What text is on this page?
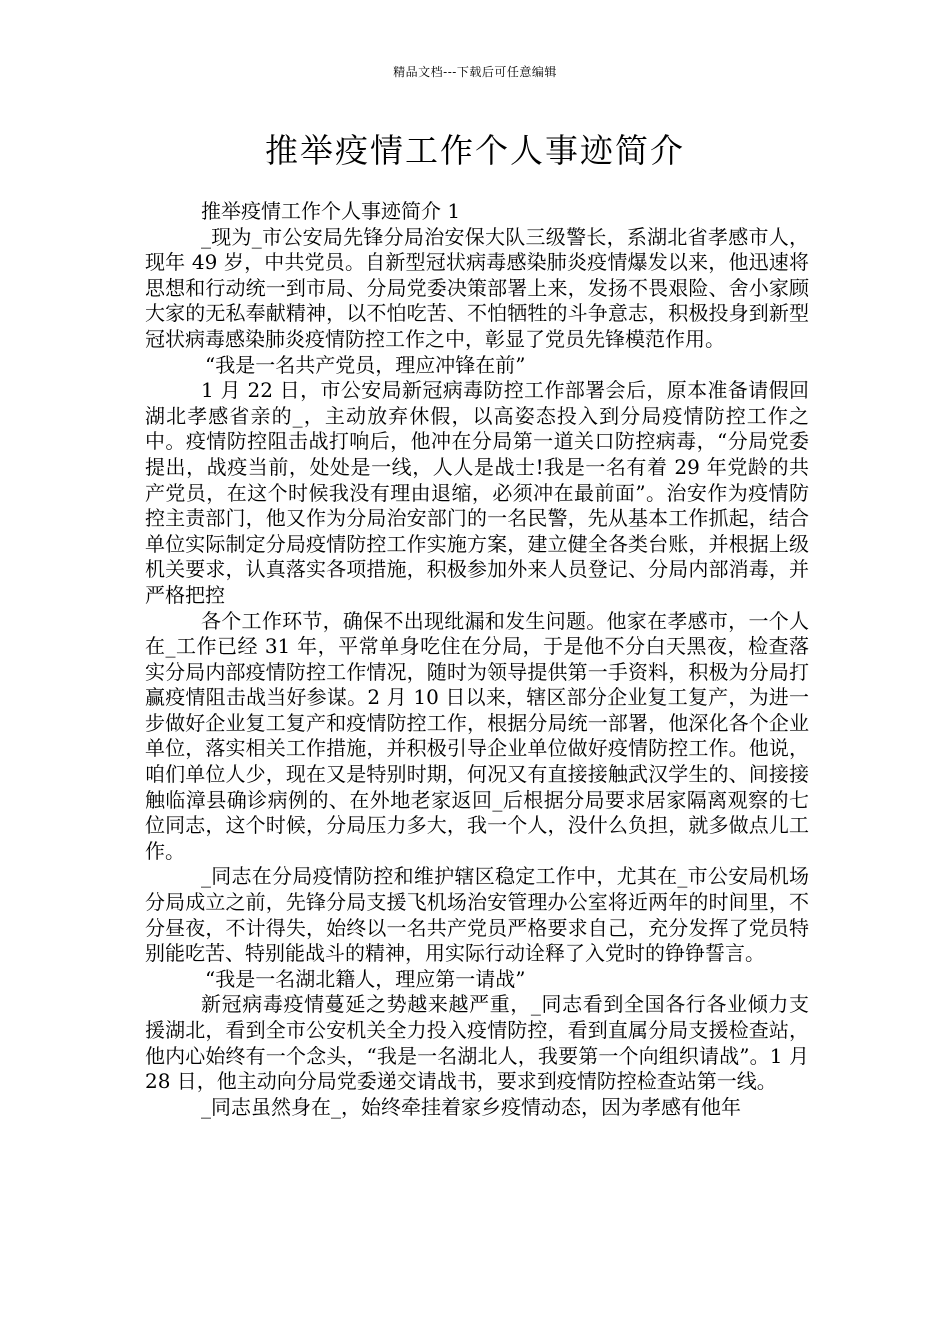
精品文档---下载后可任意编辑
推举疫情工作个人事迹简介

推举疫情工作个人事迹简介 1

_现为_市公安局先锋分局治安保大队三级警长，系湖北省孝感市人，现年 49 岁，中共党员。自新型冠状病毒感染肺炎疫情爆发以来，他迅速将思想和行动统一到市局、分局党委决策部署上来，发扬不畏艰险、舍小家顾大家的无私奉献精神，以不怕吃苦、不怕牺牲的斗争意志，积极投身到新型冠状病毒感染肺炎疫情防控工作之中，彰显了党员先锋模范作用。

“我是一名共产党员，理应冲锋在前”

1 月 22 日，市公安局新冠病毒防控工作部署会后，原本准备请假回湖北孝感省亲的_，主动放弃休假，以高姿态投入到分局疫情防控工作之中。疫情防控阻击战打响后，他冲在分局第一道关口防控病毒，“分局党委提出，战疫当前，处处是一线，人人是战士!我是一名有着 29 年党龄的共产党员，在这个时候我没有理由退缩，必须冲在最前面”。治安作为疫情防控主责部门，他又作为分局治安部门的一名民警，先从基本工作抓起，结合单位实际制定分局疫情防控工作实施方案，建立健全各类台账，并根据上级机关要求，认真落实各项措施，积极参加外来人员登记、分局内部消毒，并严格把控

各个工作环节，确保不出现纰漏和发生问题。他家在孝感市，一个人在_工作已经 31 年，平常单身吃住在分局，于是他不分白天黑夜，检查落实分局内部疫情防控工作情况，随时为领导提供第一手资料，积极为分局打赢疫情阻击战当好参谋。2 月 10 日以来，辖区部分企业复工复产，为进一步做好企业复工复产和疫情防控工作，根据分局统一部署，他深化各个企业单位，落实相关工作措施，并积极引导企业单位做好疫情防控工作。他说，咱们单位人少，现在又是特别时期，何况又有直接接触武汉学生的、间接接触临漳县确诊病例的、在外地老家返回_后根据分局要求居家隔离观察的七位同志，这个时候，分局压力多大，我一个人，没什么负担，就多做点儿工作。

_同志在分局疫情防控和维护辖区稳定工作中，尤其在_市公安局机场分局成立之前，先锋分局支援飞机场治安管理办公室将近两年的时间里，不分昼夜，不计得失，始终以一名共产党员严格要求自己，充分发挥了党员特别能吃苦、特别能战斗的精神，用实际行动诠释了入党时的铮铮誓言。

“我是一名湖北籍人，理应第一请战”

新冠病毒疫情蔓延之势越来越严重，_同志看到全国各行各业倾力支援湖北，看到全市公安机关全力投入疫情防控，看到直属分局支援检查站，他内心始终有一个念头，“我是一名湖北人，我要第一个向组织请战”。1 月 28 日，他主动向分局党委递交请战书，要求到疫情防控检查站第一线。

_同志虽然身在_，始终牵挂着家乡疫情动态，因为孝感有他年
